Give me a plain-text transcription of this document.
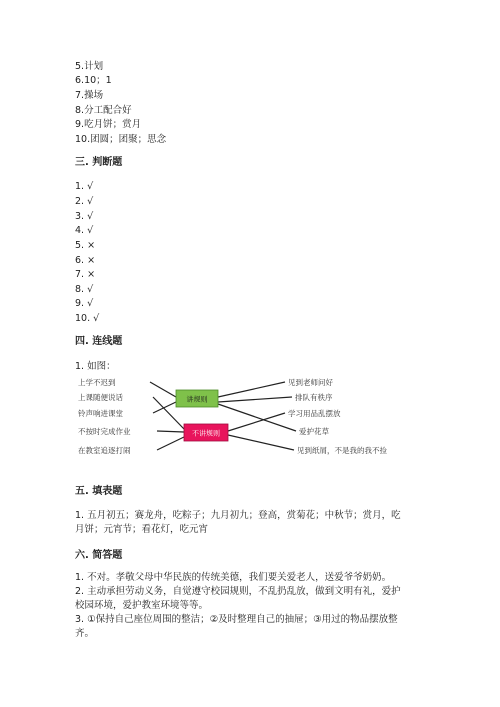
5.计划
6.10；1
7.操场
8.分工配合好
9.吃月饼；赏月
10.团圆；团聚；思念
三. 判断题
1. √
2. √
3. √
4. √
5. ×
6. ×
7. ×
8. √
9. √
10. √
四. 连线题
1. 如图：
讲规则
不讲规则
上学不迟到
上课随便说话
铃声响进课堂
不按时完成作业
在教室追逐打闹
见到老师问好
排队有秩序
学习用品乱摆放
爱护花草
见到纸屑，不是我的我不捡
五. 填表题
1. 五月初五；赛龙舟，吃粽子；九月初九；登高，赏菊花；中秋节；赏月，吃
月饼；元宵节；看花灯，吃元宵
六. 简答题
1. 不对。孝敬父母中华民族的传统美德，我们要关爱老人，送爱爷爷奶奶。
2. 主动承担劳动义务，自觉遵守校园规则，不乱扔乱放，做到文明有礼，爱护
校园环境，爱护教室环境等等。
3. ①保持自己座位周围的整洁；②及时整理自己的抽屉；③用过的物品摆放整
齐。
